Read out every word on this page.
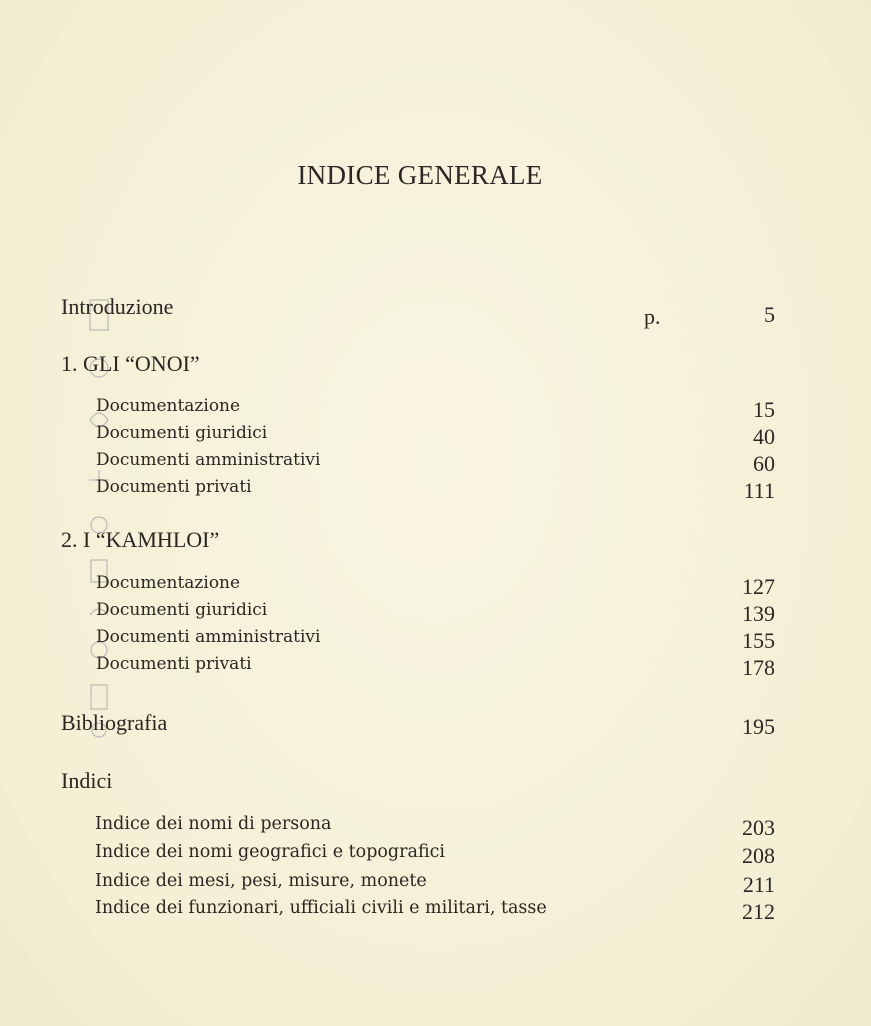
INDICE GENERALE
Introduzione	p.	5
1. GLI “ONOI”
Documentazione	15
Documenti giuridici	40
Documenti amministrativi	60
Documenti privati	111
2. I “KAMHLOI”
Documentazione	127
Documenti giuridici	139
Documenti amministrativi	155
Documenti privati	178
Bibliografia	195
Indici
Indice dei nomi di persona	203
Indice dei nomi geografici e topografici	208
Indice dei mesi, pesi, misure, monete	211
Indice dei funzionari, ufficiali civili e militari, tasse	212
